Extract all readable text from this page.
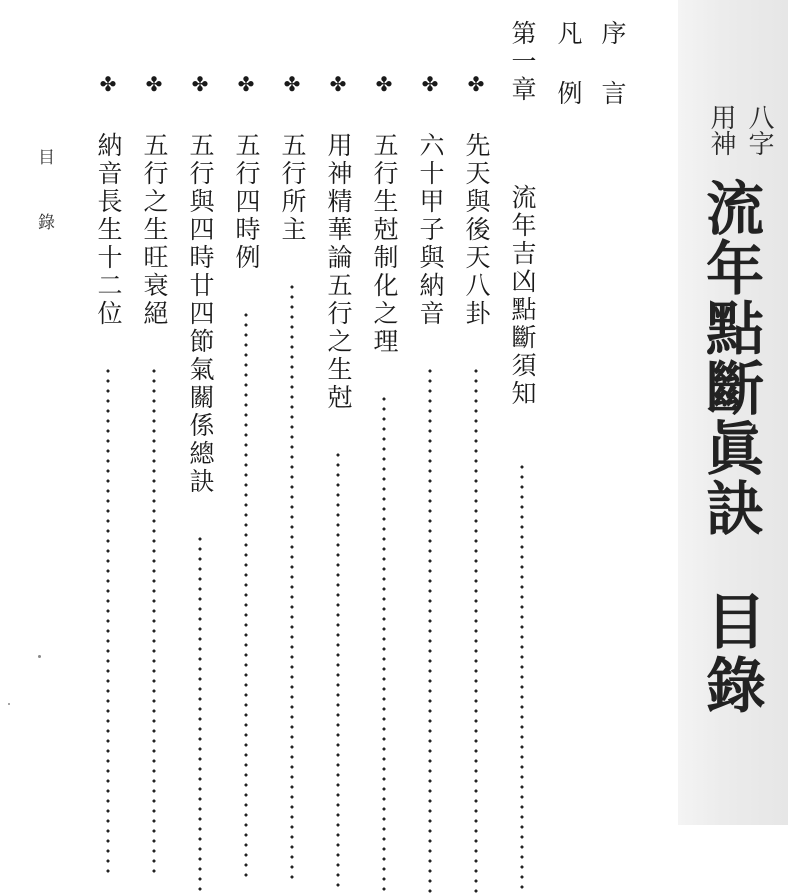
八字
用神
流年點斷眞訣
目錄
序 言
凡 例
第一章  流年吉凶點斷須知
✤ 先天與後天八卦
✤ 六十甲子與納音
✤ 五行生尅制化之理
✤ 用神精華論五行之生尅
✤ 五行所主
✤ 五行四時例
✤ 五行與四時廿四節氣關係總訣
✤ 五行之生旺衰絕
✤ 納音長生十二位
目 錄
